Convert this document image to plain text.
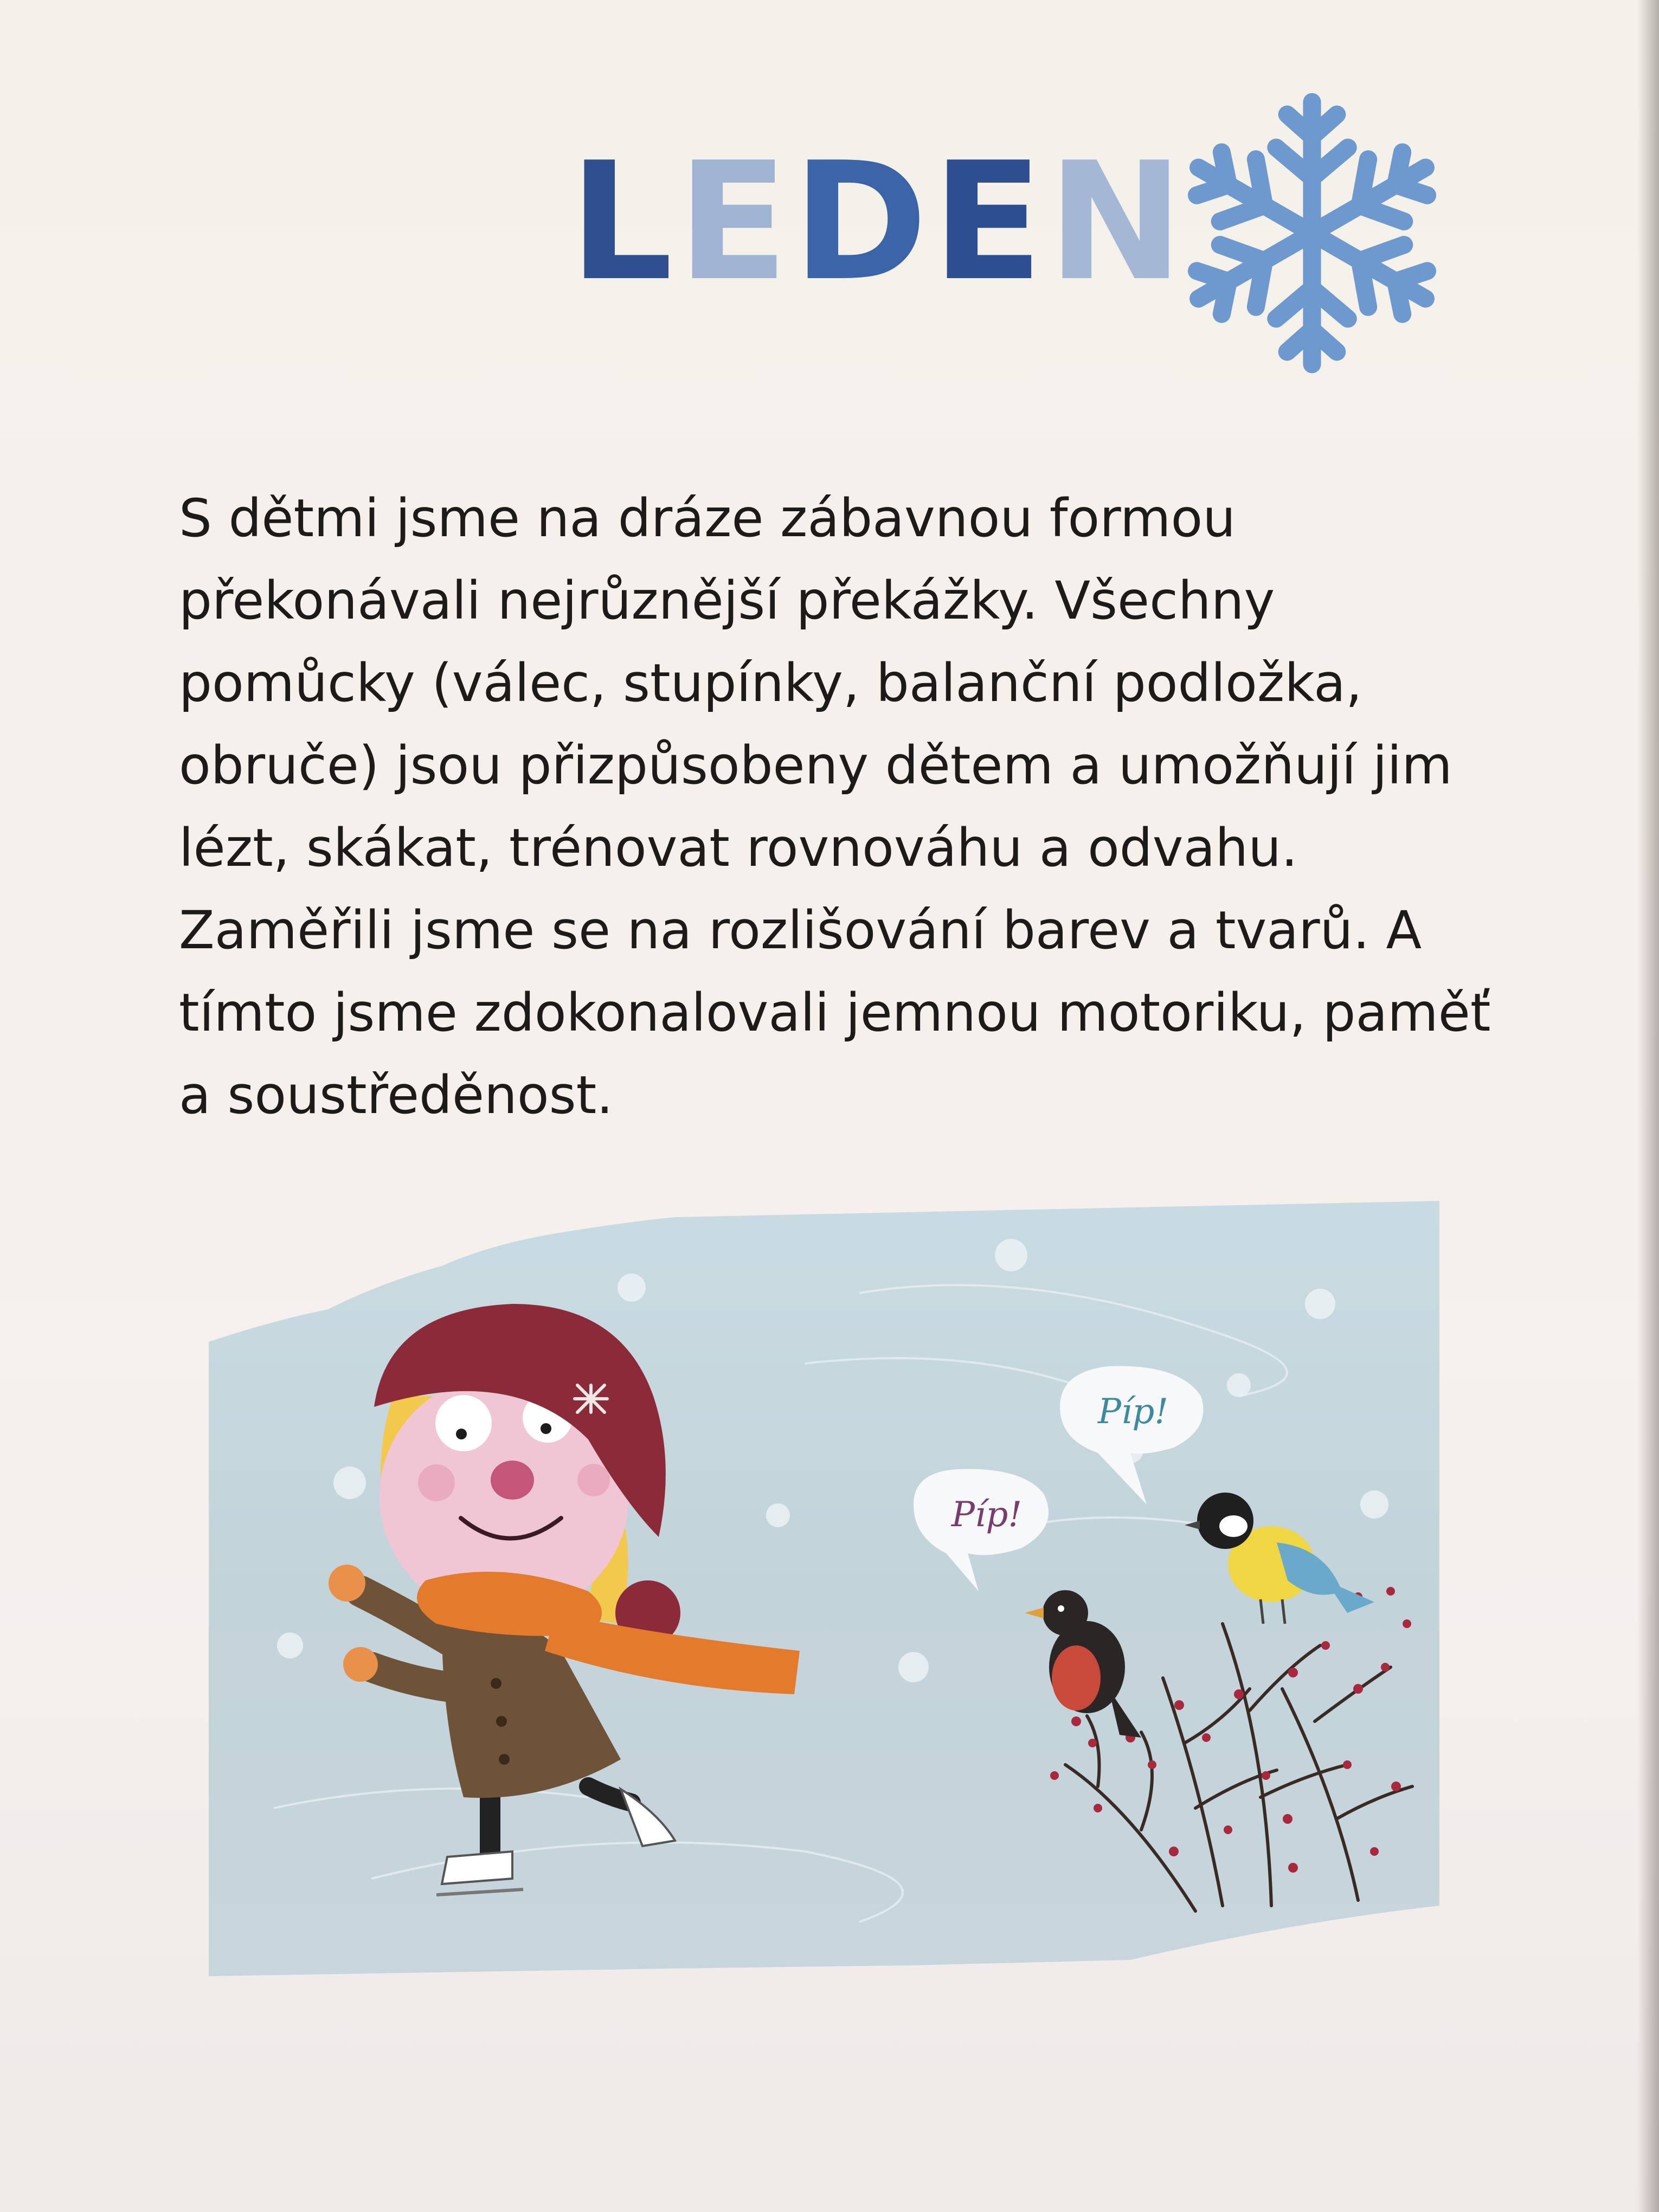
LEDEN
S dětmi jsme na dráze zábavnou formou
překonávali nejrůznější překážky. Všechny
pomůcky (válec, stupínky, balanční podložka,
obruče) jsou přizpůsobeny dětem a umožňují jim
lézt, skákat, trénovat rovnováhu a odvahu.
Zaměřili jsme se na rozlišování barev a tvarů. A
tímto jsme zdokonalovali jemnou motoriku, paměť
a soustředěnost.
Píp!
Píp!
